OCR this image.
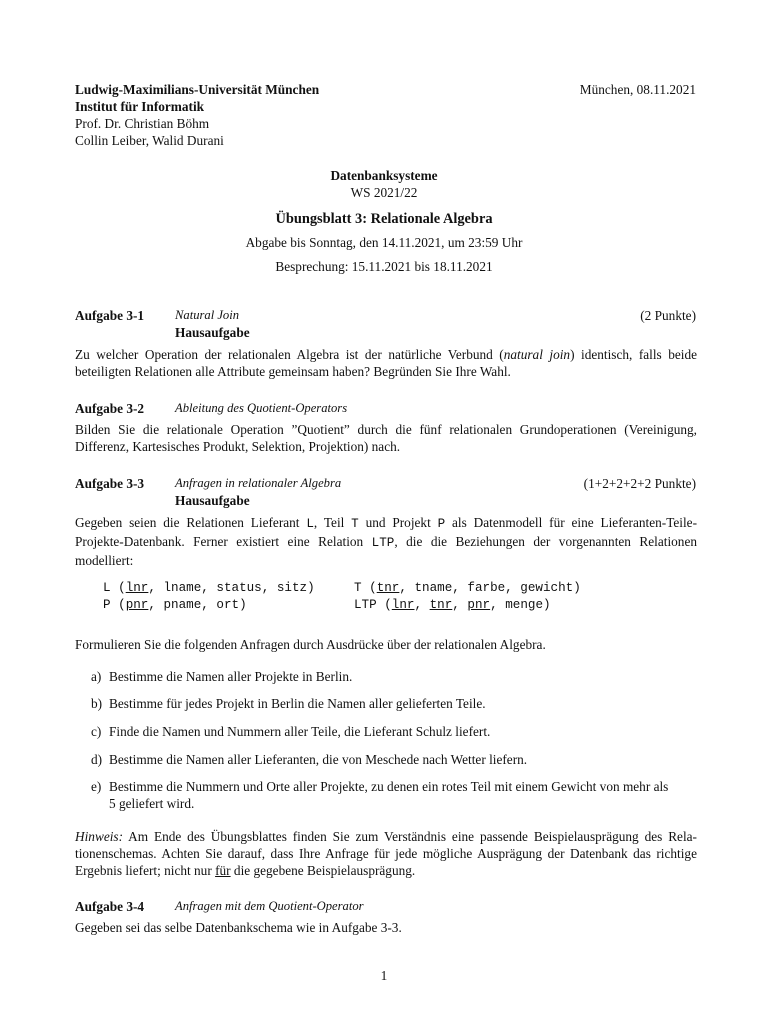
Ludwig-Maximilians-Universität München
Institut für Informatik
Prof. Dr. Christian Böhm
Collin Leiber, Walid Durani
München, 08.11.2021
Datenbanksysteme
WS 2021/22
Übungsblatt 3: Relationale Algebra
Abgabe bis Sonntag, den 14.11.2021, um 23:59 Uhr
Besprechung: 15.11.2021 bis 18.11.2021
Aufgabe 3-1 Natural Join	(2 Punkte)
Hausaufgabe
Zu welcher Operation der relationalen Algebra ist der natürliche Verbund (natural join) identisch, falls beide
beteiligten Relationen alle Attribute gemeinsam haben? Begründen Sie Ihre Wahl.
Aufgabe 3-2 Ableitung des Quotient-Operators
Bilden Sie die relationale Operation ”Quotient” durch die fünf relationalen Grundoperationen (Vereinigung,
Differenz, Kartesisches Produkt, Selektion, Projektion) nach.
Aufgabe 3-3 Anfragen in relationaler Algebra	(1+2+2+2+2 Punkte)
Hausaufgabe
Gegeben seien die Relationen Lieferant L, Teil T und Projekt P als Datenmodell für eine Lieferanten-Teile-
Projekte-Datenbank. Ferner existiert eine Relation LTP, die die Beziehungen der vorgenannten Relationen
modelliert:
L (lnr, lname, status, sitz)	T (tnr, tname, farbe, gewicht)
P (pnr, pname, ort)	LTP (lnr, tnr, pnr, menge)
Formulieren Sie die folgenden Anfragen durch Ausdrücke über der relationalen Algebra.
a) Bestimme die Namen aller Projekte in Berlin.
b) Bestimme für jedes Projekt in Berlin die Namen aller gelieferten Teile.
c) Finde die Namen und Nummern aller Teile, die Lieferant Schulz liefert.
d) Bestimme die Namen aller Lieferanten, die von Meschede nach Wetter liefern.
e) Bestimme die Nummern und Orte aller Projekte, zu denen ein rotes Teil mit einem Gewicht von mehr als
5 geliefert wird.
Hinweis: Am Ende des Übungsblattes finden Sie zum Verständnis eine passende Beispielausprägung des Rela-
tionenschemas. Achten Sie darauf, dass Ihre Anfrage für jede mögliche Ausprägung der Datenbank das richtige
Ergebnis liefert; nicht nur für die gegebene Beispielausprägung.
Aufgabe 3-4 Anfragen mit dem Quotient-Operator
Gegeben sei das selbe Datenbankschema wie in Aufgabe 3-3.
1
